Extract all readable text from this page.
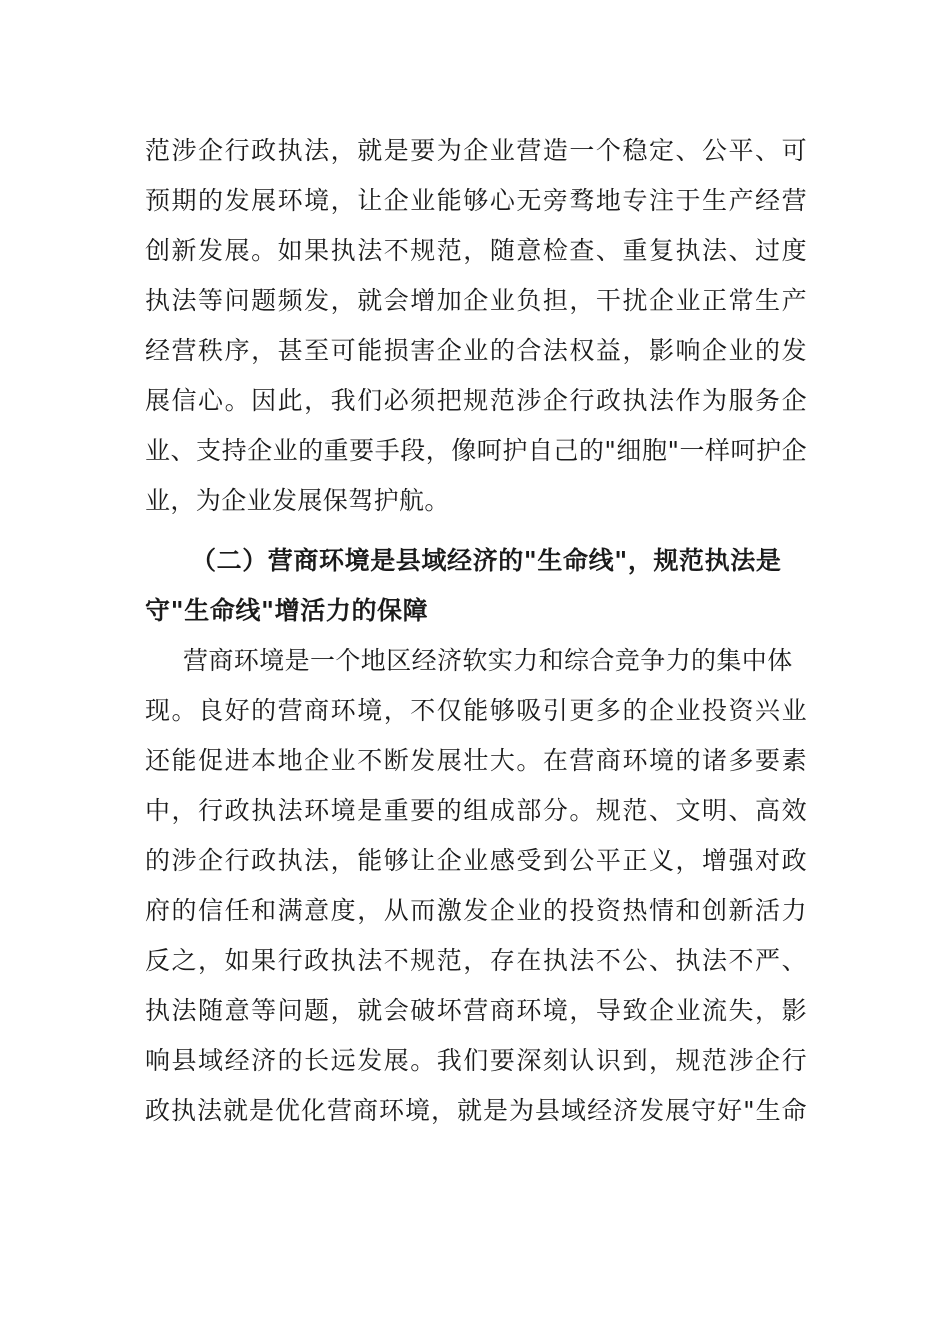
范涉企行政执法，就是要为企业营造一个稳定、公平、可
预期的发展环境，让企业能够心无旁骛地专注于生产经营
创新发展。如果执法不规范，随意检查、重复执法、过度
执法等问题频发，就会增加企业负担，干扰企业正常生产
经营秩序，甚至可能损害企业的合法权益，影响企业的发
展信心。因此，我们必须把规范涉企行政执法作为服务企
业、支持企业的重要手段，像呵护自己的"细胞"一样呵护企
业，为企业发展保驾护航。
（二）营商环境是县域经济的"生命线"，规范执法是
守"生命线"增活力的保障
营商环境是一个地区经济软实力和综合竞争力的集中体
现。良好的营商环境，不仅能够吸引更多的企业投资兴业
还能促进本地企业不断发展壮大。在营商环境的诸多要素
中，行政执法环境是重要的组成部分。规范、文明、高效
的涉企行政执法，能够让企业感受到公平正义，增强对政
府的信任和满意度，从而激发企业的投资热情和创新活力
反之，如果行政执法不规范，存在执法不公、执法不严、
执法随意等问题，就会破坏营商环境，导致企业流失，影
响县域经济的长远发展。我们要深刻认识到，规范涉企行
政执法就是优化营商环境，就是为县域经济发展守好"生命
